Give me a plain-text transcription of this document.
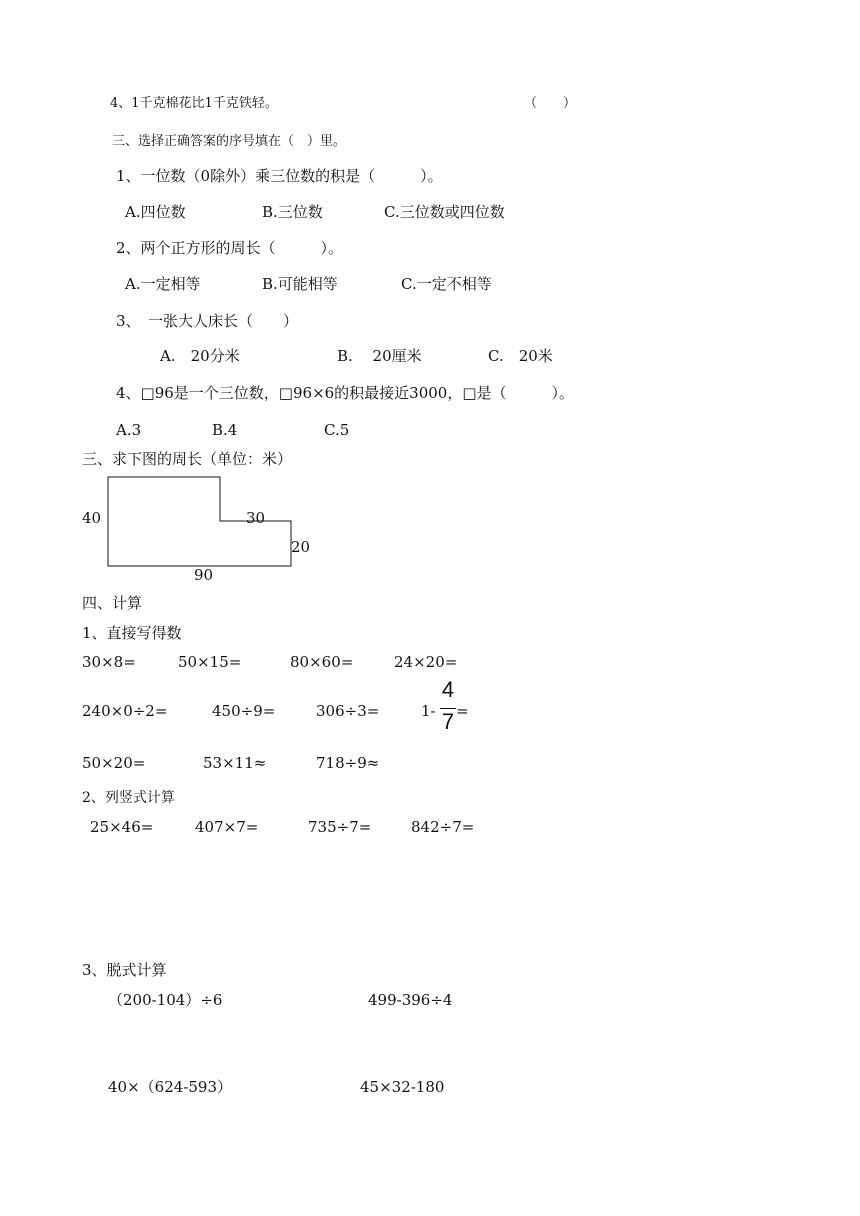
4、1千克棉花比1千克铁轻。	（　　）
三、选择正确答案的序号填在（　）里。
1、一位数（0除外）乘三位数的积是（　　　）。
A.四位数	B.三位数	C.三位数或四位数
2、两个正方形的周长（　　　）。
A.一定相等	B.可能相等	C.一定不相等
3、　一张大人床长（　　）
A.　20分米	B.　 20厘米	C.　20米
4、□96是一个三位数，□96×6的积最接近3000，□是（　　　）。
A.3	B.4	C.5
三、求下图的周长（单位：米）
40	30
20
90
四、计算
1、直接写得数
30×8=	50×15=	80×60=	24×20=
240×0÷2=	450÷9=	306÷3=	1-
4
7 =
50×20=	53×11≈	718÷9≈
2、列竖式计算
25×46=	407×7=	735÷7=	842÷7=
3、脱式计算
（200-104）÷6	499-396÷4
40×（624-593）	45×32-180
